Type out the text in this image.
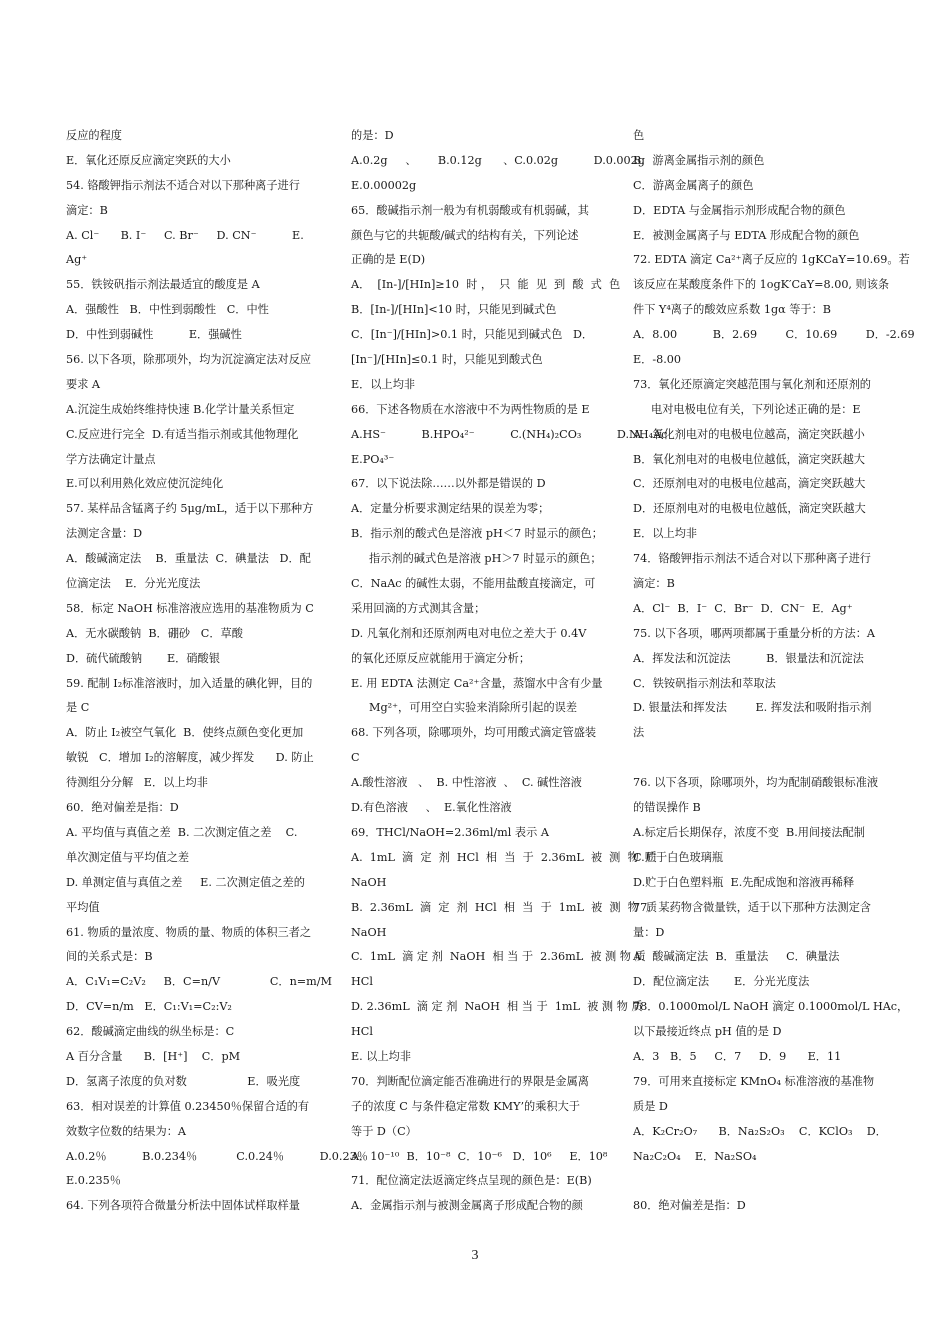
反应的程度
E．氧化还原反应滴定突跃的大小
54. 铬酸钾指示剂法不适合对以下那种离子进行
滴定：B
A. Cl⁻      B. I⁻     C. Br⁻     D. CN⁻          E.
Ag⁺
55．铁铵矾指示剂法最适宜的酸度是 A
A．强酸性   B．中性到弱酸性   C．中性
D．中性到弱碱性          E．强碱性
56. 以下各项，除那项外，均为沉淀滴定法对反应
要求 A
A.沉淀生成始终维持快速 B.化学计量关系恒定
C.反应进行完全  D.有适当指示剂或其他物理化
学方法确定计量点
E.可以利用熟化效应使沉淀纯化
57. 某样品含锰离子约 5μg/mL，适于以下那种方
法测定含量：D
A．酸碱滴定法    B．重量法  C．碘量法   D．配
位滴定法    E．分光光度法
58．标定 NaOH 标准溶液应选用的基准物质为 C
A．无水碳酸钠  B．硼砂   C．草酸
D．硫代硫酸钠       E．硝酸银
59. 配制 I₂标准溶液时，加入适量的碘化钾，目的
是 C
A．防止 I₂被空气氧化  B．使终点颜色变化更加
敏锐   C．增加 I₂的溶解度，减少挥发      D. 防止
待测组分分解   E．以上均非
60．绝对偏差是指：D
A. 平均值与真值之差  B. 二次测定值之差    C.
单次测定值与平均值之差
D. 单测定值与真值之差     E. 二次测定值之差的
平均值
61. 物质的量浓度、物质的量、物质的体积三者之
间的关系式是：B
A．C₁V₁=C₂V₂     B．C=n/V              C．n=m/M
D．CV=n/m   E．C₁:V₁=C₂:V₂
62．酸碱滴定曲线的纵坐标是：C
A 百分含量      B．[H⁺]    C．pM
D．氢离子浓度的负对数                 E．吸光度
63．相对误差的计算值 0.23450％保留合适的有
效数字位数的结果为：A
A.0.2％          B.0.234％           C.0.24％          D.0.23％
E.0.235％
64. 下列各项符合微量分析法中固体试样取样量
的是：D
A.0.2g     、      B.0.12g      、C.0.02g          D.0.002g
E.0.00002g
65．酸碱指示剂一般为有机弱酸或有机弱碱，其
颜色与它的共轭酸/碱式的结构有关，下列论述
正确的是 E(D)
A．  [In-]/[HIn]≥10  时 ，  只  能  见  到  酸  式  色
B．[In-]/[HIn]<10 时，只能见到碱式色
C．[In⁻]/[HIn]>0.1 时，只能见到碱式色   D．
[In⁻]/[HIn]≤0.1 时，只能见到酸式色
E．以上均非
66．下述各物质在水溶液中不为两性物质的是 E
A.HS⁻          B.HPO₄²⁻          C.(NH₄)₂CO₃          D.NH₄Ac
E.PO₄³⁻
67．以下说法除……以外都是错误的 D
A．定量分析要求测定结果的误差为零；
B．指示剂的酸式色是溶液 pH＜7 时显示的颜色；
指示剂的碱式色是溶液 pH＞7 时显示的颜色；
C．NaAc 的碱性太弱，不能用盐酸直接滴定，可
采用回滴的方式测其含量；
D. 凡氧化剂和还原剂两电对电位之差大于 0.4V
的氧化还原反应就能用于滴定分析；
E. 用 EDTA 法测定 Ca²⁺含量，蒸馏水中含有少量
Mg²⁺，可用空白实验来消除所引起的误差
68. 下列各项，除哪项外，均可用酸式滴定管盛装
C
A.酸性溶液   、  B. 中性溶液  、  C. 碱性溶液
D.有色溶液     、  E.氧化性溶液
69．THCl/NaOH=2.36ml/ml 表示 A
A.  1mL  滴  定  剂  HCl  相  当  于  2.36mL  被  测  物  质
NaOH
B.  2.36mL  滴  定  剂  HCl  相  当  于  1mL  被  测  物  质
NaOH
C.  1mL  滴 定 剂  NaOH  相 当 于  2.36mL  被 测 物 质
HCl
D. 2.36mL  滴 定 剂  NaOH  相 当 于  1mL  被 测 物 质
HCl
E. 以上均非
70．判断配位滴定能否准确进行的界限是金属离
子的浓度 C 与条件稳定常数 KMY’的乘积大于
等于 D（C）
A．10⁻¹⁰  B．10⁻⁸  C．10⁻⁶   D．10⁶     E．10⁸
71．配位滴定法返滴定终点呈现的颜色是：E(B)
A．金属指示剂与被测金属离子形成配合物的颜
色
B．游离金属指示剂的颜色
C．游离金属离子的颜色
D．EDTA 与金属指示剂形成配合物的颜色
E．被测金属离子与 EDTA 形成配合物的颜色
72. EDTA 滴定 Ca²⁺离子反应的 1gKCaY=10.69。若
该反应在某酸度条件下的 1ogK′CaY=8.00, 则该条
件下 Y⁴离子的酸效应系数 1gα 等于：B
A．8.00          B．2.69        C．10.69        D．-2.69
E．-8.00
73．氧化还原滴定突越范围与氧化剂和还原剂的
电对电极电位有关，下列论述正确的是：E
A．氧化剂电对的电极电位越高，滴定突跃越小
B．氧化剂电对的电极电位越低，滴定突跃越大
C．还原剂电对的电极电位越高，滴定突跃越大
D．还原剂电对的电极电位越低，滴定突跃越大
E．以上均非
74．铬酸钾指示剂法不适合对以下那种离子进行
滴定：B
A．Cl⁻  B．I⁻  C．Br⁻  D．CN⁻  E．Ag⁺
75. 以下各项，哪两项都属于重量分析的方法：A
A．挥发法和沉淀法          B．银量法和沉淀法
C．铁铵矾指示剂法和萃取法
D. 银量法和挥发法        E. 挥发法和吸附指示剂
法
76. 以下各项，除哪项外，均为配制硝酸银标准液
的错误操作 B
A.标定后长期保存，浓度不变  B.用间接法配制
C.贮于白色玻璃瓶
D.贮于白色塑料瓶  E.先配成饱和溶液再稀释
77．某药物含微量铁，适于以下那种方法测定含
量：D
A．酸碱滴定法  B．重量法     C．碘量法
D．配位滴定法       E．分光光度法
78．0.1000mol/L NaOH 滴定 0.1000mol/L HAc，
以下最接近终点 pH 值的是 D
A．3   B．5     C．7     D．9      E．11
79．可用来直接标定 KMnO₄ 标准溶液的基准物
质是 D
A．K₂Cr₂O₇      B．Na₂S₂O₃    C．KClO₃    D．
Na₂C₂O₄    E．Na₂SO₄
80．绝对偏差是指：D
3
